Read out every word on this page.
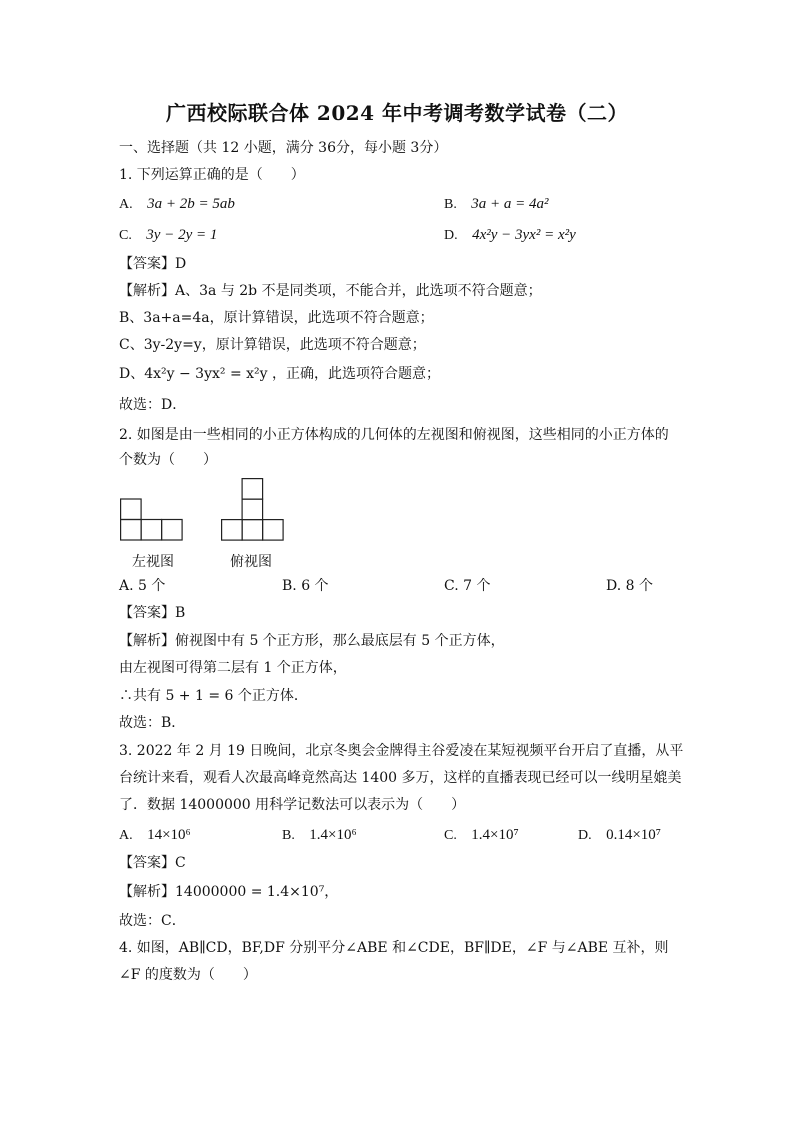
广西校际联合体 2024 年中考调考数学试卷（二）
一、选择题（共 12 小题，满分 36分，每小题 3分）
1. 下列运算正确的是（　　）
A. 3a + 2b = 5ab	B. 3a + a = 4a²
C. 3y − 2y = 1	D. 4x²y − 3yx² = x²y
【答案】D
【解析】A、3a 与 2b 不是同类项，不能合并，此选项不符合题意；
B、3a+a=4a，原计算错误，此选项不符合题意；
C、3y-2y=y，原计算错误，此选项不符合题意；
D、4x²y − 3yx² = x²y ，正确，此选项符合题意；
故选：D．
2. 如图是由一些相同的小正方体构成的几何体的左视图和俯视图，这些相同的小正方体的
个数为（　　）
左视图	俯视图
A. 5 个	B. 6 个	C. 7 个	D. 8 个
【答案】B
【解析】俯视图中有 5 个正方形，那么最底层有 5 个正方体，
由左视图可得第二层有 1 个正方体，
∴共有 5 + 1 = 6 个正方体．
故选：B．
3. 2022 年 2 月 19 日晚间，北京冬奥会金牌得主谷爱凌在某短视频平台开启了直播，从平
台统计来看，观看人次最高峰竟然高达 1400 多万，这样的直播表现已经可以一线明星媲美
了．数据 14000000 用科学记数法可以表示为（　　）
A. 14×10⁶	B. 1.4×10⁶	C. 1.4×10⁷	D. 0.14×10⁷
【答案】C
【解析】14000000 = 1.4×10⁷，
故选：C．
4. 如图，AB∥CD，BF,DF 分别平分∠ABE 和∠CDE，BF∥DE，∠F 与∠ABE 互补，则
∠F 的度数为（　　）
